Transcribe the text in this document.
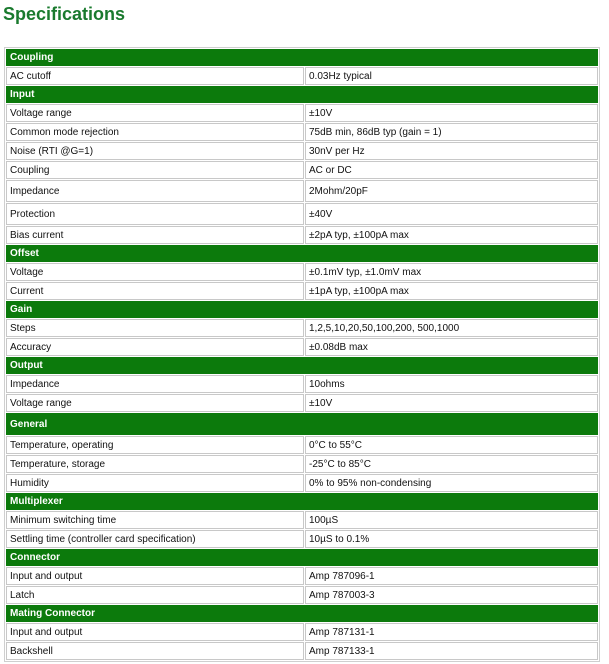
Specifications
Coupling	
AC cutoff	0.03Hz typical
Input	
Voltage range	±10V
Common mode rejection	75dB min, 86dB typ (gain = 1)
Noise (RTI @G=1)	30nV per Hz
Coupling	AC or DC
Impedance	2Mohm/20pF
Protection	±40V
Bias current	±2pA typ, ±100pA max
Offset	
Voltage	±0.1mV typ, ±1.0mV max
Current	±1pA typ, ±100pA max
Gain	
Steps	1,2,5,10,20,50,100,200, 500,1000
Accuracy	±0.08dB max
Output	
Impedance	10ohms
Voltage range	±10V
General	
Temperature, operating	0°C to 55°C
Temperature, storage	-25°C to 85°C
Humidity	0% to 95% non-condensing
Multiplexer	
Minimum switching time	100µS
Settling time (controller card specification)	10µS to 0.1%
Connector	
Input and output	Amp 787096-1
Latch	Amp 787003-3
Mating Connector	
Input and output	Amp 787131-1
Backshell	Amp 787133-1
